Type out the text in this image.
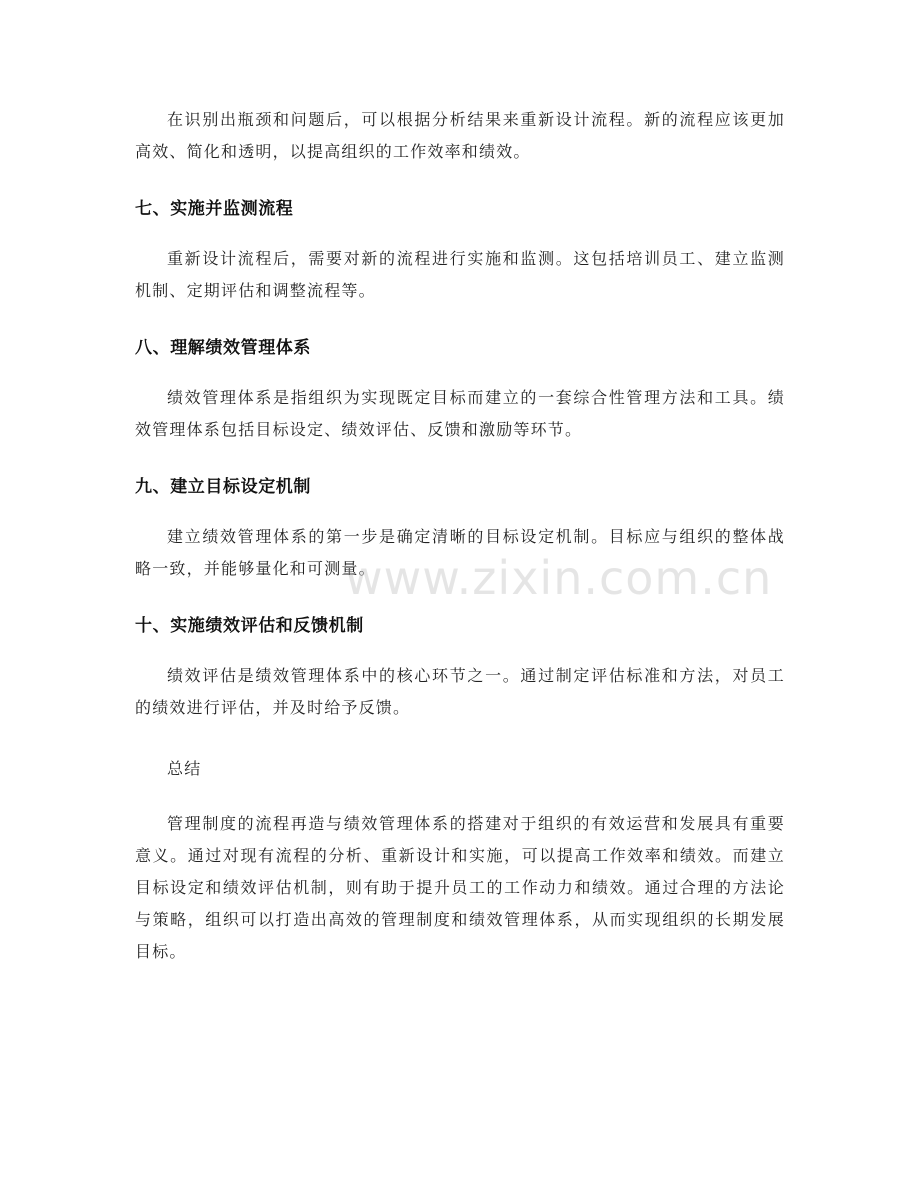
在识别出瓶颈和问题后，可以根据分析结果来重新设计流程。新的流程应该更加高效、简化和透明，以提高组织的工作效率和绩效。

七、实施并监测流程

重新设计流程后，需要对新的流程进行实施和监测。这包括培训员工、建立监测机制、定期评估和调整流程等。

八、理解绩效管理体系

绩效管理体系是指组织为实现既定目标而建立的一套综合性管理方法和工具。绩效管理体系包括目标设定、绩效评估、反馈和激励等环节。

九、建立目标设定机制

建立绩效管理体系的第一步是确定清晰的目标设定机制。目标应与组织的整体战略一致，并能够量化和可测量。

十、实施绩效评估和反馈机制

绩效评估是绩效管理体系中的核心环节之一。通过制定评估标准和方法，对员工的绩效进行评估，并及时给予反馈。

总结

管理制度的流程再造与绩效管理体系的搭建对于组织的有效运营和发展具有重要意义。通过对现有流程的分析、重新设计和实施，可以提高工作效率和绩效。而建立目标设定和绩效评估机制，则有助于提升员工的工作动力和绩效。通过合理的方法论与策略，组织可以打造出高效的管理制度和绩效管理体系，从而实现组织的长期发展目标。

www.zixin.com.cn
